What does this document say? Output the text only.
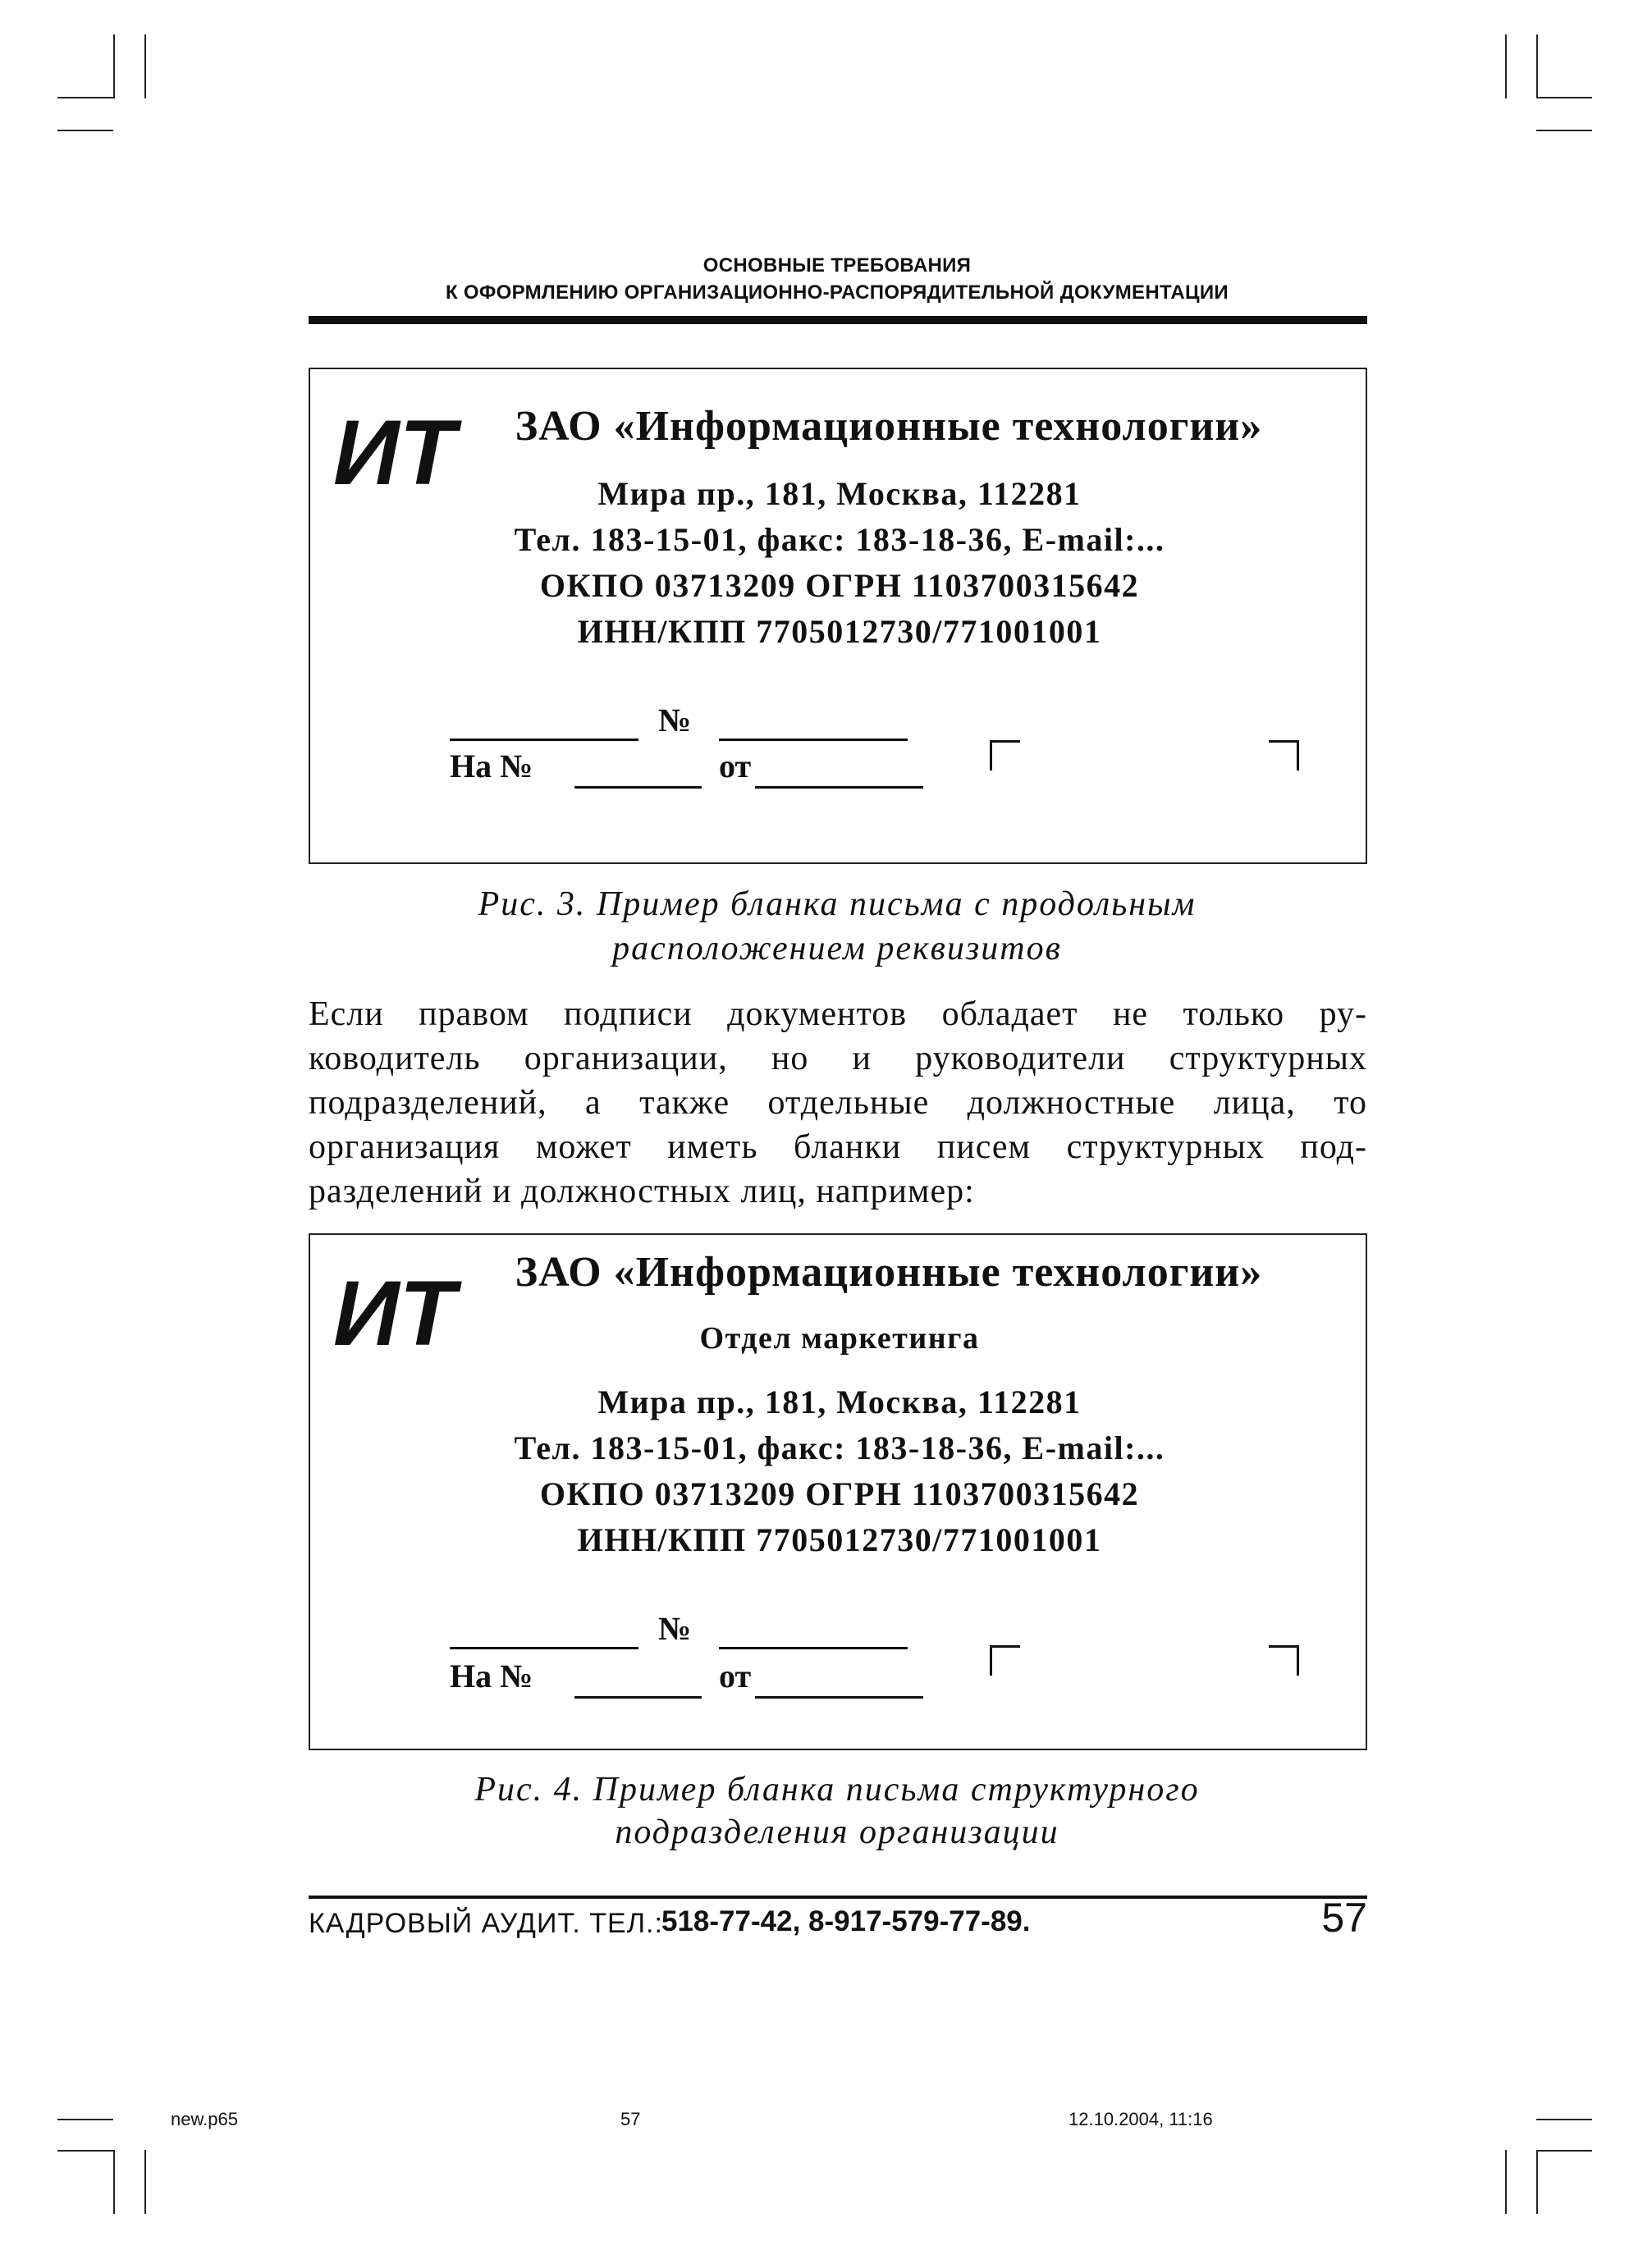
ОСНОВНЫЕ ТРЕБОВАНИЯ
К ОФОРМЛЕНИЮ ОРГАНИЗАЦИОННО-РАСПОРЯДИТЕЛЬНОЙ ДОКУМЕНТАЦИИ
ИТ	ЗАО «Информационные технологии»
Мира пр., 181, Москва, 112281
Тел. 183-15-01, факс: 183-18-36, E-mail:...
ОКПО 03713209 ОГРН 1103700315642
ИНН/КПП 7705012730/771001001
№
На №	от
Рис. 3. Пример бланка письма с продольным
расположением реквизитов
Если правом подписи документов обладает не только ру-
ководитель организации, но и руководители структурных
подразделений, а также отдельные должностные лица, то
организация может иметь бланки писем структурных под-
разделений и должностных лиц, например:
ИТ	ЗАО «Информационные технологии»
Отдел маркетинга
Мира пр., 181, Москва, 112281
Тел. 183-15-01, факс: 183-18-36, E-mail:...
ОКПО 03713209 ОГРН 1103700315642
ИНН/КПП 7705012730/771001001
№
На №	от
Рис. 4. Пример бланка письма структурного
подразделения организации
КАДРОВЫЙ АУДИТ. ТЕЛ.:
518-77-42, 8-917-579-77-89.	57
new.p65	57	12.10.2004, 11:16
